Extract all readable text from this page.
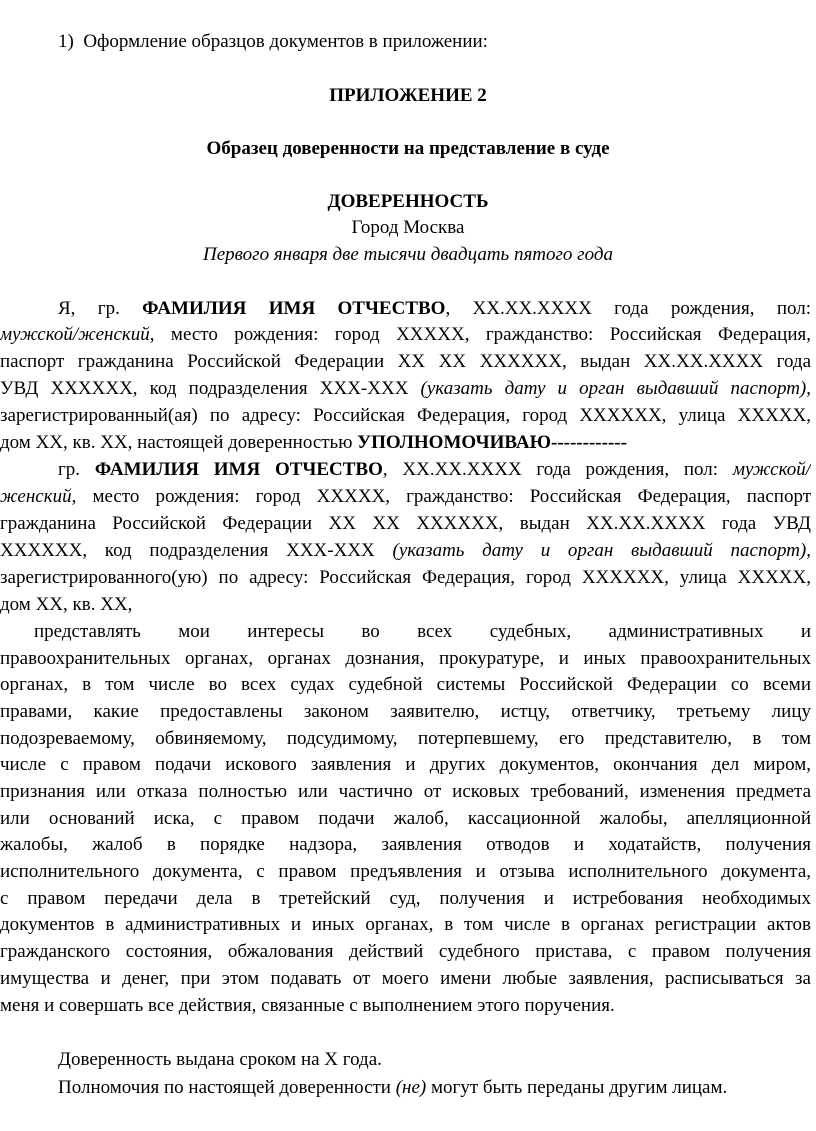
1)  Оформление образцов документов в приложении:
ПРИЛОЖЕНИЕ 2
Образец доверенности на представление в суде
ДОВЕРЕННОСТЬ
Город Москва
Первого января две тысячи двадцать пятого года
Я, гр. ФАМИЛИЯ ИМЯ ОТЧЕСТВО, ХХ.ХХ.ХХХХ года рождения, пол:
мужской/женский, место рождения: город ХХХХХ, гражданство: Российская Федерация,
паспорт гражданина Российской Федерации ХХ ХХ ХХХХХХ, выдан ХХ.ХХ.ХХХХ года
УВД ХХХХХХ, код подразделения ХХХ-ХХХ (указать дату и орган выдавший паспорт),
зарегистрированный(ая) по адресу: Российская Федерация, город ХХХХХХ, улица ХХХХХ,
дом ХХ, кв. ХХ, настоящей доверенностью УПОЛНОМОЧИВАЮ------------
гр. ФАМИЛИЯ ИМЯ ОТЧЕСТВО, ХХ.ХХ.ХХХХ года рождения, пол: мужской/
женский, место рождения: город ХХХХХ, гражданство: Российская Федерация, паспорт
гражданина Российской Федерации ХХ ХХ ХХХХХХ, выдан ХХ.ХХ.ХХХХ года УВД
ХХХХХХ, код подразделения ХХХ-ХХХ (указать дату и орган выдавший паспорт),
зарегистрированного(ую) по адресу: Российская Федерация, город ХХХХХХ, улица ХХХХХ,
дом ХХ, кв. ХХ,
представлять мои интересы во всех судебных, административных и
правоохранительных органах, органах дознания, прокуратуре, и иных правоохранительных
органах, в том числе во всех судах судебной системы Российской Федерации со всеми
правами, какие предоставлены законом заявителю, истцу, ответчику, третьему лицу
подозреваемому, обвиняемому, подсудимому, потерпевшему, его представителю, в том
числе с правом подачи искового заявления и других документов, окончания дел миром,
признания или отказа полностью или частично от исковых требований, изменения предмета
или оснований иска, с правом подачи жалоб, кассационной жалобы, апелляционной
жалобы, жалоб в порядке надзора, заявления отводов и ходатайств, получения
исполнительного документа, с правом предъявления и отзыва исполнительного документа,
с правом передачи дела в третейский суд, получения и истребования необходимых
документов в административных и иных органах, в том числе в органах регистрации актов
гражданского состояния, обжалования действий судебного пристава, с правом получения
имущества и денег, при этом подавать от моего имени любые заявления, расписываться за
меня и совершать все действия, связанные с выполнением этого поручения.
Доверенность выдана сроком на Х года.
Полномочия по настоящей доверенности (не) могут быть переданы другим лицам.
